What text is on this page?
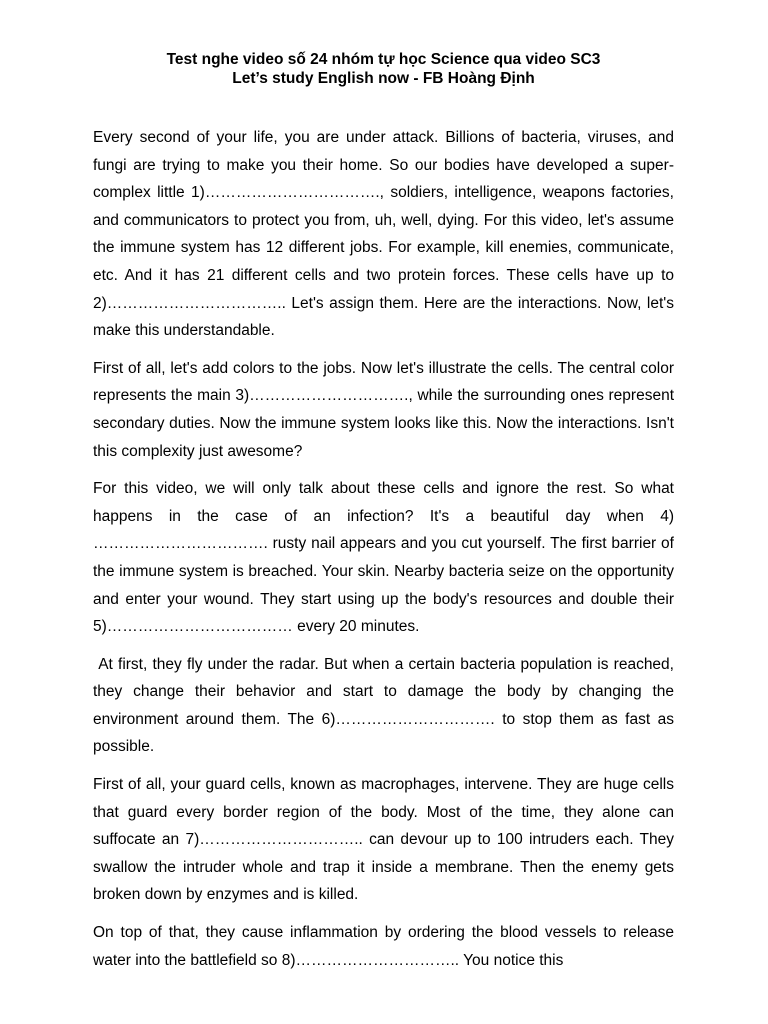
Test nghe video số 24 nhóm tự học Science qua video SC3
Let’s study English now - FB Hoàng Định

Every second of your life, you are under attack. Billions of bacteria, viruses, and fungi are trying to make you their home. So our bodies have developed a super-complex little 1)……………………………., soldiers, intelligence, weapons factories, and communicators to protect you from, uh, well, dying. For this video, let's assume the immune system has 12 different jobs. For example, kill enemies, communicate, etc. And it has 21 different cells and two protein forces. These cells have up to 2)…………………………….. Let's assign them. Here are the interactions. Now, let's make this understandable.

First of all, let's add colors to the jobs. Now let's illustrate the cells. The central color represents the main 3)…………………………., while the surrounding ones represent secondary duties. Now the immune system looks like this. Now the interactions. Isn't this complexity just awesome?

For this video, we will only talk about these cells and ignore the rest. So what happens in the case of an infection? It's a beautiful day when 4) ……………………………. rusty nail appears and you cut yourself. The first barrier of the immune system is breached. Your skin. Nearby bacteria seize on the opportunity and enter your wound. They start using up the body's resources and double their 5)……………………………… every 20 minutes.

At first, they fly under the radar. But when a certain bacteria population is reached, they change their behavior and start to damage the body by changing the environment around them. The 6)…………………………. to stop them as fast as possible.

First of all, your guard cells, known as macrophages, intervene. They are huge cells that guard every border region of the body. Most of the time, they alone can suffocate an 7)………………………….. can devour up to 100 intruders each. They swallow the intruder whole and trap it inside a membrane. Then the enemy gets broken down by enzymes and is killed.

On top of that, they cause inflammation by ordering the blood vessels to release water into the battlefield so 8)………………………….. You notice this
